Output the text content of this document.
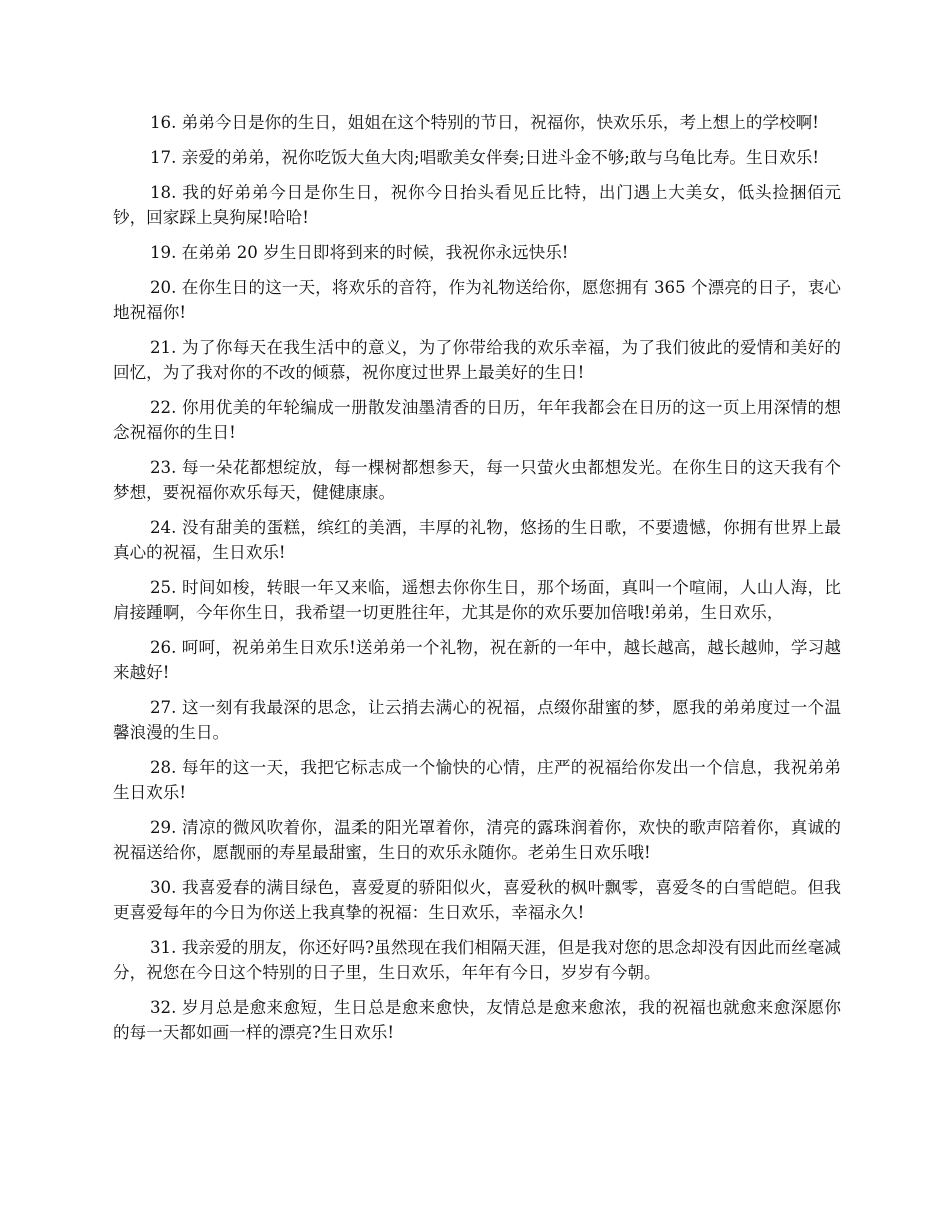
16. 弟弟今日是你的生日，姐姐在这个特别的节日，祝福你，快欢乐乐，考上想上的学校啊!

17. 亲爱的弟弟，祝你吃饭大鱼大肉;唱歌美女伴奏;日进斗金不够;敢与乌龟比寿。生日欢乐!

18. 我的好弟弟今日是你生日，祝你今日抬头看见丘比特，出门遇上大美女，低头捡捆佰元钞，回家踩上臭狗屎!哈哈!

19. 在弟弟 20 岁生日即将到来的时候，我祝你永远快乐!

20. 在你生日的这一天，将欢乐的音符，作为礼物送给你，愿您拥有 365 个漂亮的日子，衷心地祝福你!

21. 为了你每天在我生活中的意义，为了你带给我的欢乐幸福，为了我们彼此的爱情和美好的回忆，为了我对你的不改的倾慕，祝你度过世界上最美好的生日!

22. 你用优美的年轮编成一册散发油墨清香的日历，年年我都会在日历的这一页上用深情的想念祝福你的生日!

23. 每一朵花都想绽放，每一棵树都想参天，每一只萤火虫都想发光。在你生日的这天我有个梦想，要祝福你欢乐每天，健健康康。

24. 没有甜美的蛋糕，缤红的美酒，丰厚的礼物，悠扬的生日歌，不要遗憾，你拥有世界上最真心的祝福，生日欢乐!

25. 时间如梭，转眼一年又来临，遥想去你你生日，那个场面，真叫一个喧闹，人山人海，比肩接踵啊，今年你生日，我希望一切更胜往年，尤其是你的欢乐要加倍哦!弟弟，生日欢乐，

26. 呵呵，祝弟弟生日欢乐!送弟弟一个礼物，祝在新的一年中，越长越高，越长越帅，学习越来越好!

27. 这一刻有我最深的思念，让云捎去满心的祝福，点缀你甜蜜的梦，愿我的弟弟度过一个温馨浪漫的生日。

28. 每年的这一天，我把它标志成一个愉快的心情，庄严的祝福给你发出一个信息，我祝弟弟生日欢乐!

29. 清凉的微风吹着你，温柔的阳光罩着你，清亮的露珠润着你，欢快的歌声陪着你，真诚的祝福送给你，愿靓丽的寿星最甜蜜，生日的欢乐永随你。老弟生日欢乐哦!

30. 我喜爱春的满目绿色，喜爱夏的骄阳似火，喜爱秋的枫叶飘零，喜爱冬的白雪皑皑。但我更喜爱每年的今日为你送上我真挚的祝福：生日欢乐，幸福永久!

31. 我亲爱的朋友，你还好吗?虽然现在我们相隔天涯，但是我对您的思念却没有因此而丝毫减分，祝您在今日这个特别的日子里，生日欢乐，年年有今日，岁岁有今朝。

32. 岁月总是愈来愈短，生日总是愈来愈快，友情总是愈来愈浓，我的祝福也就愈来愈深愿你的每一天都如画一样的漂亮?生日欢乐!
